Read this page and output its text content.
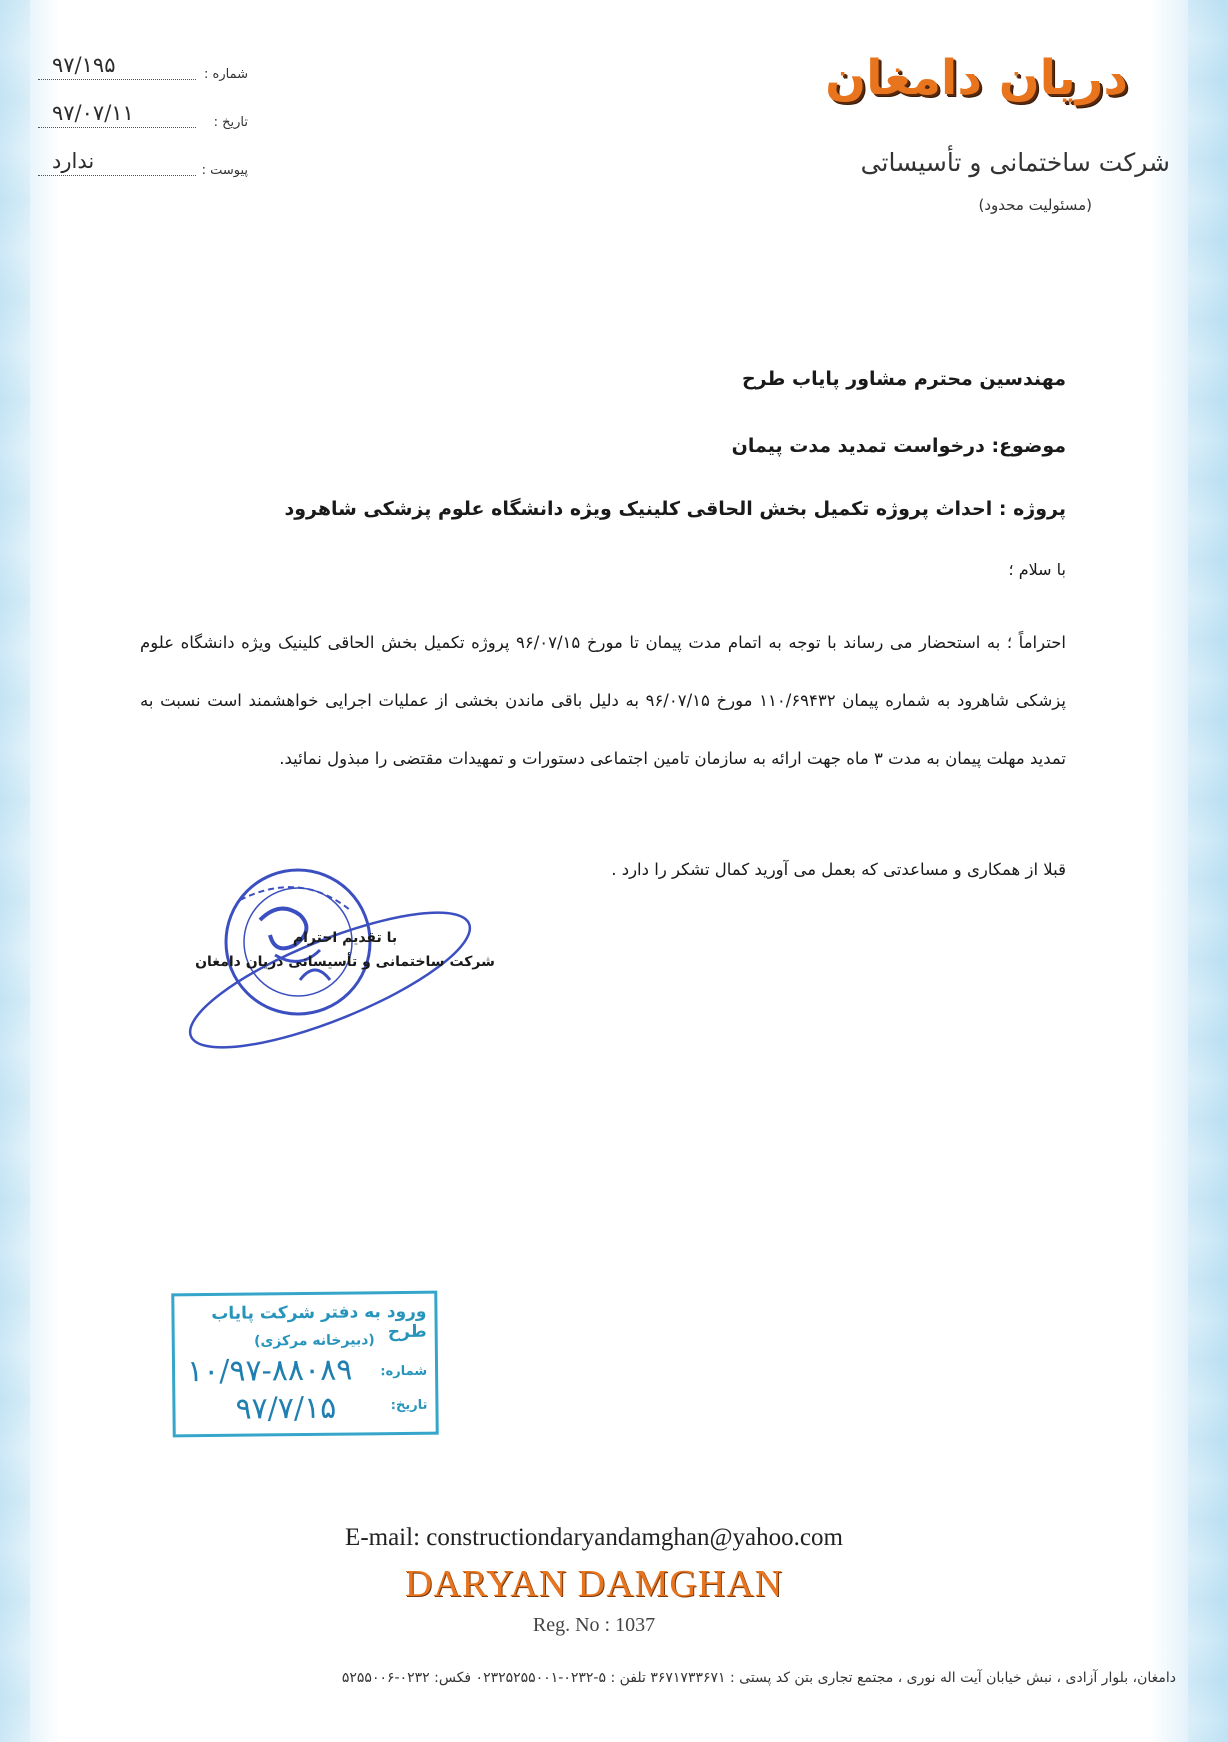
شماره :
۹۷/۱۹۵
تاریخ :
۹۷/۰۷/۱۱
پیوست :
ندارد
دریان دامغان
شرکت ساختمانی و تأسیساتی
(مسئولیت محدود)
مهندسین محترم مشاور پایاب طرح
موضوع: درخواست تمدید مدت پیمان
پروژه : احداث پروژه تکمیل بخش الحاقی کلینیک ویژه دانشگاه علوم پزشکی شاهرود
با سلام ؛
احتراماً ؛ به استحضار می رساند با توجه به اتمام مدت پیمان تا مورخ ۹۶/۰۷/۱۵ پروژه تکمیل بخش الحاقی کلینیک ویژه دانشگاه علوم پزشکی شاهرود به شماره پیمان ۱۱۰/۶۹۴۳۲ مورخ ۹۶/۰۷/۱۵ به دلیل باقی ماندن بخشی از عملیات اجرایی خواهشمند است نسبت به تمدید مهلت پیمان به مدت ۳ ماه جهت ارائه به سازمان تامین اجتماعی دستورات و تمهیدات مقتضی را مبذول نمائید.
قبلا از همکاری و مساعدتی که بعمل می آورید کمال تشکر را دارد .
با تقدیم احترام
شرکت ساختمانی و تأسیساتی دریان دامغان
ورود به دفتر شرکت پایاب طرح
(دبیرخانه مرکزی)
شماره:
تاریخ:
۱۰/۹۷-۸۸۰۸۹
۹۷/۷/۱۵
E-mail: constructiondaryandamghan@yahoo.com
DARYAN DAMGHAN
Reg. No : 1037
دامغان، بلوار آزادی ، نبش خیابان آیت اله نوری ، مجتمع تجاری بتن کد پستی : ۳۶۷۱۷۳۳۶۷۱ تلفن : ۵-۰۲۳۲-۰۲۳۲۵۲۵۵۰۰۱ فکس: ۰۲۳۲-۵۲۵۵۰۰۶
